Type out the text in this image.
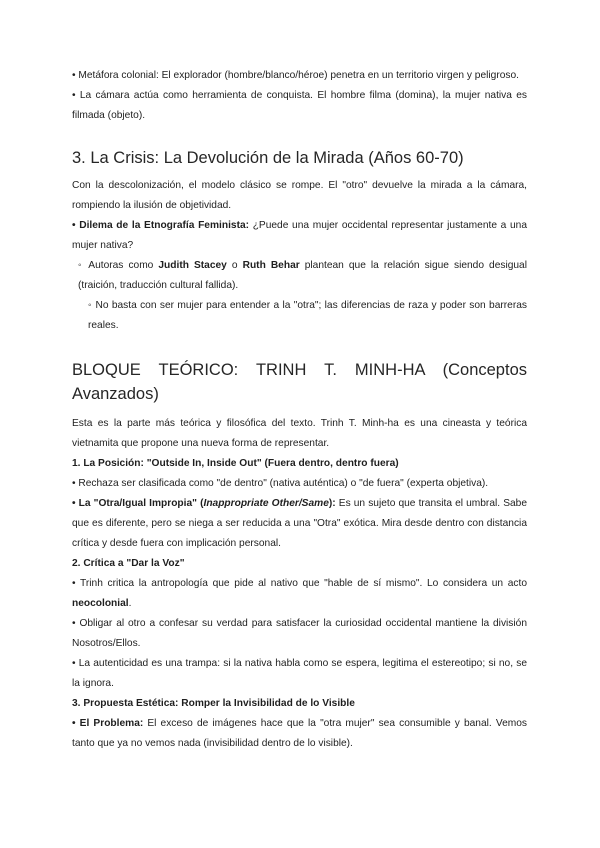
• Metáfora colonial: El explorador (hombre/blanco/héroe) penetra en un territorio virgen y peligroso.

• La cámara actúa como herramienta de conquista. El hombre filma (domina), la mujer nativa es filmada (objeto).

3. La Crisis: La Devolución de la Mirada (Años 60-70)

Con la descolonización, el modelo clásico se rompe. El "otro" devuelve la mirada a la cámara, rompiendo la ilusión de objetividad.

• Dilema de la Etnografía Feminista: ¿Puede una mujer occidental representar justamente a una mujer nativa?

◦ Autoras como Judith Stacey o Ruth Behar plantean que la relación sigue siendo desigual (traición, traducción cultural fallida).

◦ No basta con ser mujer para entender a la "otra"; las diferencias de raza y poder son barreras reales.

BLOQUE TEÓRICO: TRINH T. MINH-HA (Conceptos Avanzados)

Esta es la parte más teórica y filosófica del texto. Trinh T. Minh-ha es una cineasta y teórica vietnamita que propone una nueva forma de representar.

1. La Posición: "Outside In, Inside Out" (Fuera dentro, dentro fuera)

• Rechaza ser clasificada como "de dentro" (nativa auténtica) o "de fuera" (experta objetiva).

• La "Otra/Igual Impropia" (Inappropriate Other/Same): Es un sujeto que transita el umbral. Sabe que es diferente, pero se niega a ser reducida a una "Otra" exótica. Mira desde dentro con distancia crítica y desde fuera con implicación personal.

2. Crítica a "Dar la Voz"

• Trinh critica la antropología que pide al nativo que "hable de sí mismo". Lo considera un acto neocolonial.

• Obligar al otro a confesar su verdad para satisfacer la curiosidad occidental mantiene la división Nosotros/Ellos.

• La autenticidad es una trampa: si la nativa habla como se espera, legitima el estereotipo; si no, se la ignora.

3. Propuesta Estética: Romper la Invisibilidad de lo Visible

• El Problema: El exceso de imágenes hace que la "otra mujer" sea consumible y banal. Vemos tanto que ya no vemos nada (invisibilidad dentro de lo visible).
